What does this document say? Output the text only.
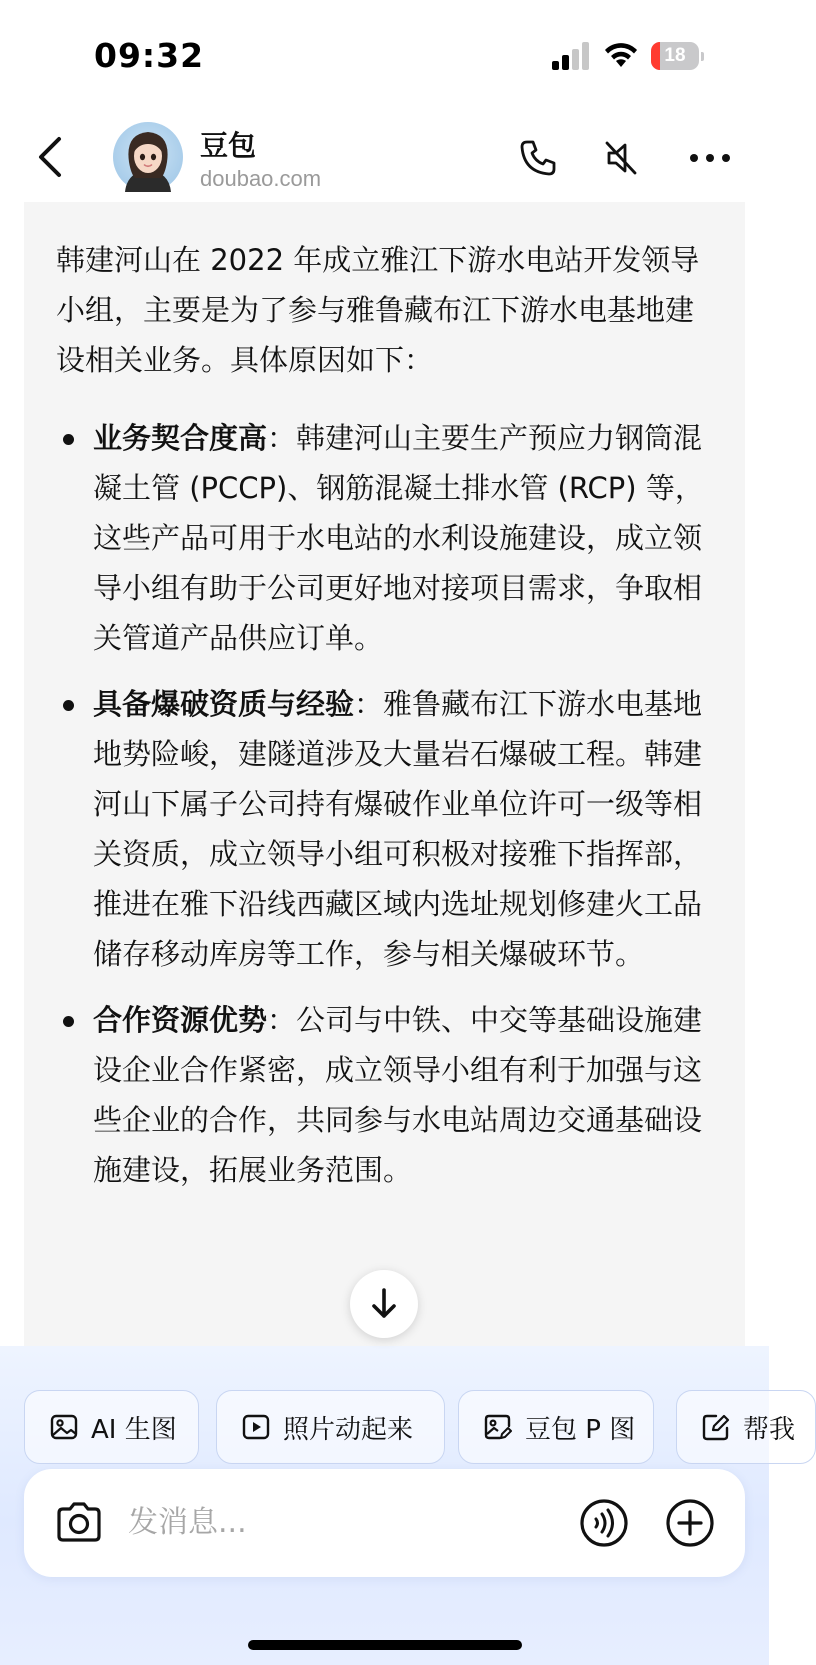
09:32	18
豆包
doubao.com
韩建河山在 2022 年成立雅江下游水电站开发领导小组，主要是为了参与雅鲁藏布江下游水电基地建设相关业务。具体原因如下：
业务契合度高：韩建河山主要生产预应力钢筒混凝土管 (PCCP)、钢筋混凝土排水管 (RCP) 等，这些产品可用于水电站的水利设施建设，成立领导小组有助于公司更好地对接项目需求，争取相关管道产品供应订单。
具备爆破资质与经验：雅鲁藏布江下游水电基地地势险峻，建隧道涉及大量岩石爆破工程。韩建河山下属子公司持有爆破作业单位许可一级等相关资质，成立领导小组可积极对接雅下指挥部，推进在雅下沿线西藏区域内选址规划修建火工品储存移动库房等工作，参与相关爆破环节。
合作资源优势：公司与中铁、中交等基础设施建设企业合作紧密，成立领导小组有利于加强与这些企业的合作，共同参与水电站周边交通基础设施建设，拓展业务范围。
AI 生图	照片动起来	豆包 P 图	帮我
发消息...
